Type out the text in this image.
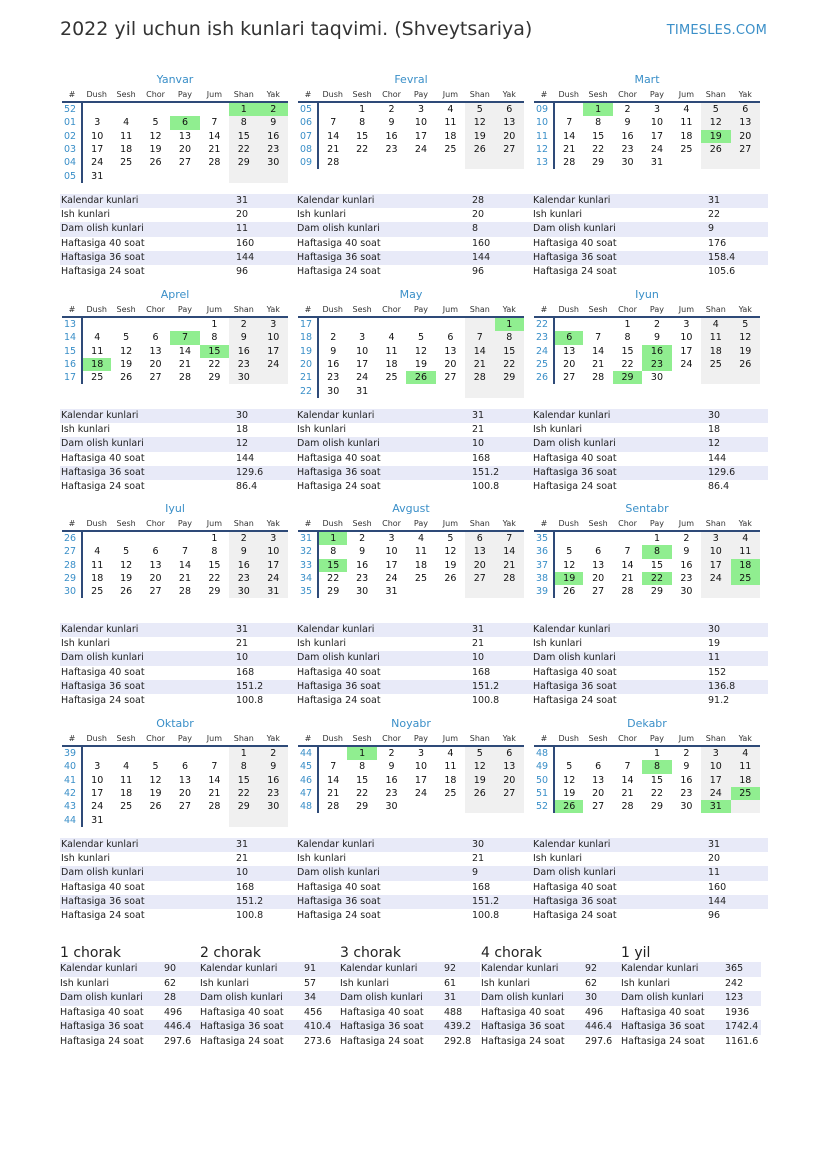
2022 yil uchun ish kunlari taqvimi. (Shveytsariya)	TIMESLES.COM
Yanvar
#	Dush	Sesh	Chor	Pay	Jum	Shan	Yak
52						1	2
01	3	4	5	6	7	8	9
02	10	11	12	13	14	15	16
03	17	18	19	20	21	22	23
04	24	25	26	27	28	29	30
05	31						
Kalendar kunlari	31
Ish kunlari	20
Dam olish kunlari	11
Haftasiga 40 soat	160
Haftasiga 36 soat	144
Haftasiga 24 soat	96
Fevral
#	Dush	Sesh	Chor	Pay	Jum	Shan	Yak
05		1	2	3	4	5	6
06	7	8	9	10	11	12	13
07	14	15	16	17	18	19	20
08	21	22	23	24	25	26	27
09	28						
Kalendar kunlari	28
Ish kunlari	20
Dam olish kunlari	8
Haftasiga 40 soat	160
Haftasiga 36 soat	144
Haftasiga 24 soat	96
Mart
#	Dush	Sesh	Chor	Pay	Jum	Shan	Yak
09		1	2	3	4	5	6
10	7	8	9	10	11	12	13
11	14	15	16	17	18	19	20
12	21	22	23	24	25	26	27
13	28	29	30	31			
Kalendar kunlari	31
Ish kunlari	22
Dam olish kunlari	9
Haftasiga 40 soat	176
Haftasiga 36 soat	158.4
Haftasiga 24 soat	105.6
Aprel
#	Dush	Sesh	Chor	Pay	Jum	Shan	Yak
13					1	2	3
14	4	5	6	7	8	9	10
15	11	12	13	14	15	16	17
16	18	19	20	21	22	23	24
17	25	26	27	28	29	30	
Kalendar kunlari	30
Ish kunlari	18
Dam olish kunlari	12
Haftasiga 40 soat	144
Haftasiga 36 soat	129.6
Haftasiga 24 soat	86.4
May
#	Dush	Sesh	Chor	Pay	Jum	Shan	Yak
17							1
18	2	3	4	5	6	7	8
19	9	10	11	12	13	14	15
20	16	17	18	19	20	21	22
21	23	24	25	26	27	28	29
22	30	31					
Kalendar kunlari	31
Ish kunlari	21
Dam olish kunlari	10
Haftasiga 40 soat	168
Haftasiga 36 soat	151.2
Haftasiga 24 soat	100.8
Iyun
#	Dush	Sesh	Chor	Pay	Jum	Shan	Yak
22			1	2	3	4	5
23	6	7	8	9	10	11	12
24	13	14	15	16	17	18	19
25	20	21	22	23	24	25	26
26	27	28	29	30			
Kalendar kunlari	30
Ish kunlari	18
Dam olish kunlari	12
Haftasiga 40 soat	144
Haftasiga 36 soat	129.6
Haftasiga 24 soat	86.4
Iyul
#	Dush	Sesh	Chor	Pay	Jum	Shan	Yak
26					1	2	3
27	4	5	6	7	8	9	10
28	11	12	13	14	15	16	17
29	18	19	20	21	22	23	24
30	25	26	27	28	29	30	31
Kalendar kunlari	31
Ish kunlari	21
Dam olish kunlari	10
Haftasiga 40 soat	168
Haftasiga 36 soat	151.2
Haftasiga 24 soat	100.8
Avgust
#	Dush	Sesh	Chor	Pay	Jum	Shan	Yak
31	1	2	3	4	5	6	7
32	8	9	10	11	12	13	14
33	15	16	17	18	19	20	21
34	22	23	24	25	26	27	28
35	29	30	31				
Kalendar kunlari	31
Ish kunlari	21
Dam olish kunlari	10
Haftasiga 40 soat	168
Haftasiga 36 soat	151.2
Haftasiga 24 soat	100.8
Sentabr
#	Dush	Sesh	Chor	Pay	Jum	Shan	Yak
35				1	2	3	4
36	5	6	7	8	9	10	11
37	12	13	14	15	16	17	18
38	19	20	21	22	23	24	25
39	26	27	28	29	30		
Kalendar kunlari	30
Ish kunlari	19
Dam olish kunlari	11
Haftasiga 40 soat	152
Haftasiga 36 soat	136.8
Haftasiga 24 soat	91.2
Oktabr
#	Dush	Sesh	Chor	Pay	Jum	Shan	Yak
39						1	2
40	3	4	5	6	7	8	9
41	10	11	12	13	14	15	16
42	17	18	19	20	21	22	23
43	24	25	26	27	28	29	30
44	31						
Kalendar kunlari	31
Ish kunlari	21
Dam olish kunlari	10
Haftasiga 40 soat	168
Haftasiga 36 soat	151.2
Haftasiga 24 soat	100.8
Noyabr
#	Dush	Sesh	Chor	Pay	Jum	Shan	Yak
44		1	2	3	4	5	6
45	7	8	9	10	11	12	13
46	14	15	16	17	18	19	20
47	21	22	23	24	25	26	27
48	28	29	30				
Kalendar kunlari	30
Ish kunlari	21
Dam olish kunlari	9
Haftasiga 40 soat	168
Haftasiga 36 soat	151.2
Haftasiga 24 soat	100.8
Dekabr
#	Dush	Sesh	Chor	Pay	Jum	Shan	Yak
48				1	2	3	4
49	5	6	7	8	9	10	11
50	12	13	14	15	16	17	18
51	19	20	21	22	23	24	25
52	26	27	28	29	30	31	
Kalendar kunlari	31
Ish kunlari	20
Dam olish kunlari	11
Haftasiga 40 soat	160
Haftasiga 36 soat	144
Haftasiga 24 soat	96
1 chorak
Kalendar kunlari	90
Ish kunlari	62
Dam olish kunlari	28
Haftasiga 40 soat	496
Haftasiga 36 soat	446.4
Haftasiga 24 soat	297.6
2 chorak
Kalendar kunlari	91
Ish kunlari	57
Dam olish kunlari	34
Haftasiga 40 soat	456
Haftasiga 36 soat	410.4
Haftasiga 24 soat	273.6
3 chorak
Kalendar kunlari	92
Ish kunlari	61
Dam olish kunlari	31
Haftasiga 40 soat	488
Haftasiga 36 soat	439.2
Haftasiga 24 soat	292.8
4 chorak
Kalendar kunlari	92
Ish kunlari	62
Dam olish kunlari	30
Haftasiga 40 soat	496
Haftasiga 36 soat	446.4
Haftasiga 24 soat	297.6
1 yil
Kalendar kunlari	365
Ish kunlari	242
Dam olish kunlari	123
Haftasiga 40 soat	1936
Haftasiga 36 soat	1742.4
Haftasiga 24 soat	1161.6
